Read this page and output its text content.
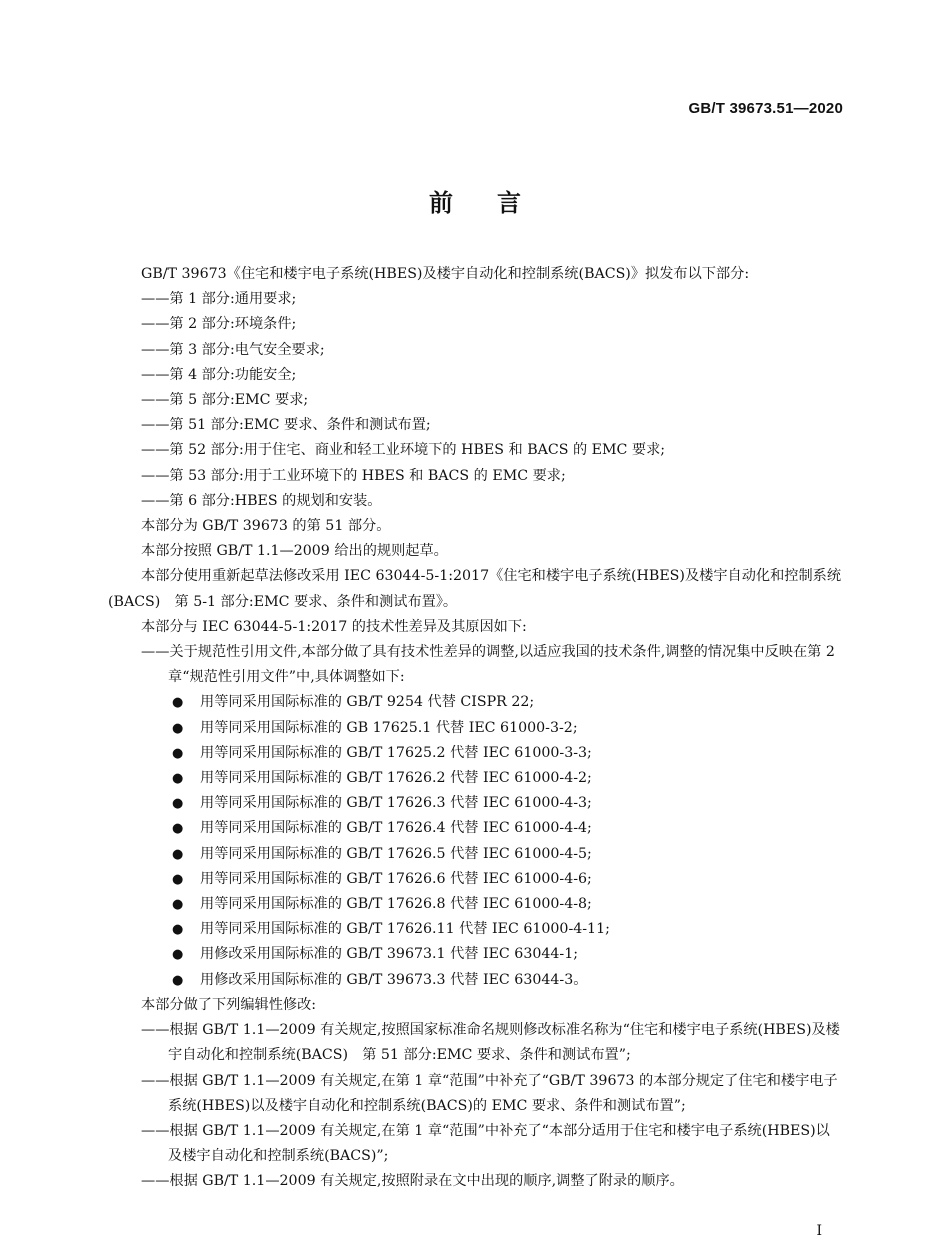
GB/T 39673.51—2020
前言
GB/T 39673《住宅和楼宇电子系统(HBES)及楼宇自动化和控制系统(BACS)》拟发布以下部分:
——第 1 部分:通用要求;
——第 2 部分:环境条件;
——第 3 部分:电气安全要求;
——第 4 部分:功能安全;
——第 5 部分:EMC 要求;
——第 51 部分:EMC 要求、条件和测试布置;
——第 52 部分:用于住宅、商业和轻工业环境下的 HBES 和 BACS 的 EMC 要求;
——第 53 部分:用于工业环境下的 HBES 和 BACS 的 EMC 要求;
——第 6 部分:HBES 的规划和安装。
本部分为 GB/T 39673 的第 51 部分。
本部分按照 GB/T 1.1—2009 给出的规则起草。
本部分使用重新起草法修改采用 IEC 63044-5-1:2017《住宅和楼宇电子系统(HBES)及楼宇自动化和控制系统(BACS)　第 5-1 部分:EMC 要求、条件和测试布置》。
本部分与 IEC 63044-5-1:2017 的技术性差异及其原因如下:
——关于规范性引用文件,本部分做了具有技术性差异的调整,以适应我国的技术条件,调整的情况集中反映在第 2 章“规范性引用文件”中,具体调整如下:
● 用等同采用国际标准的 GB/T 9254 代替 CISPR 22;
● 用等同采用国际标准的 GB 17625.1 代替 IEC 61000-3-2;
● 用等同采用国际标准的 GB/T 17625.2 代替 IEC 61000-3-3;
● 用等同采用国际标准的 GB/T 17626.2 代替 IEC 61000-4-2;
● 用等同采用国际标准的 GB/T 17626.3 代替 IEC 61000-4-3;
● 用等同采用国际标准的 GB/T 17626.4 代替 IEC 61000-4-4;
● 用等同采用国际标准的 GB/T 17626.5 代替 IEC 61000-4-5;
● 用等同采用国际标准的 GB/T 17626.6 代替 IEC 61000-4-6;
● 用等同采用国际标准的 GB/T 17626.8 代替 IEC 61000-4-8;
● 用等同采用国际标准的 GB/T 17626.11 代替 IEC 61000-4-11;
● 用修改采用国际标准的 GB/T 39673.1 代替 IEC 63044-1;
● 用修改采用国际标准的 GB/T 39673.3 代替 IEC 63044-3。
本部分做了下列编辑性修改:
——根据 GB/T 1.1—2009 有关规定,按照国家标准命名规则修改标准名称为“住宅和楼宇电子系统(HBES)及楼宇自动化和控制系统(BACS)　第 51 部分:EMC 要求、条件和测试布置”;
——根据 GB/T 1.1—2009 有关规定,在第 1 章“范围”中补充了“GB/T 39673 的本部分规定了住宅和楼宇电子系统(HBES)以及楼宇自动化和控制系统(BACS)的 EMC 要求、条件和测试布置”;
——根据 GB/T 1.1—2009 有关规定,在第 1 章“范围”中补充了“本部分适用于住宅和楼宇电子系统(HBES)以及楼宇自动化和控制系统(BACS)”;
——根据 GB/T 1.1—2009 有关规定,按照附录在文中出现的顺序,调整了附录的顺序。
I
